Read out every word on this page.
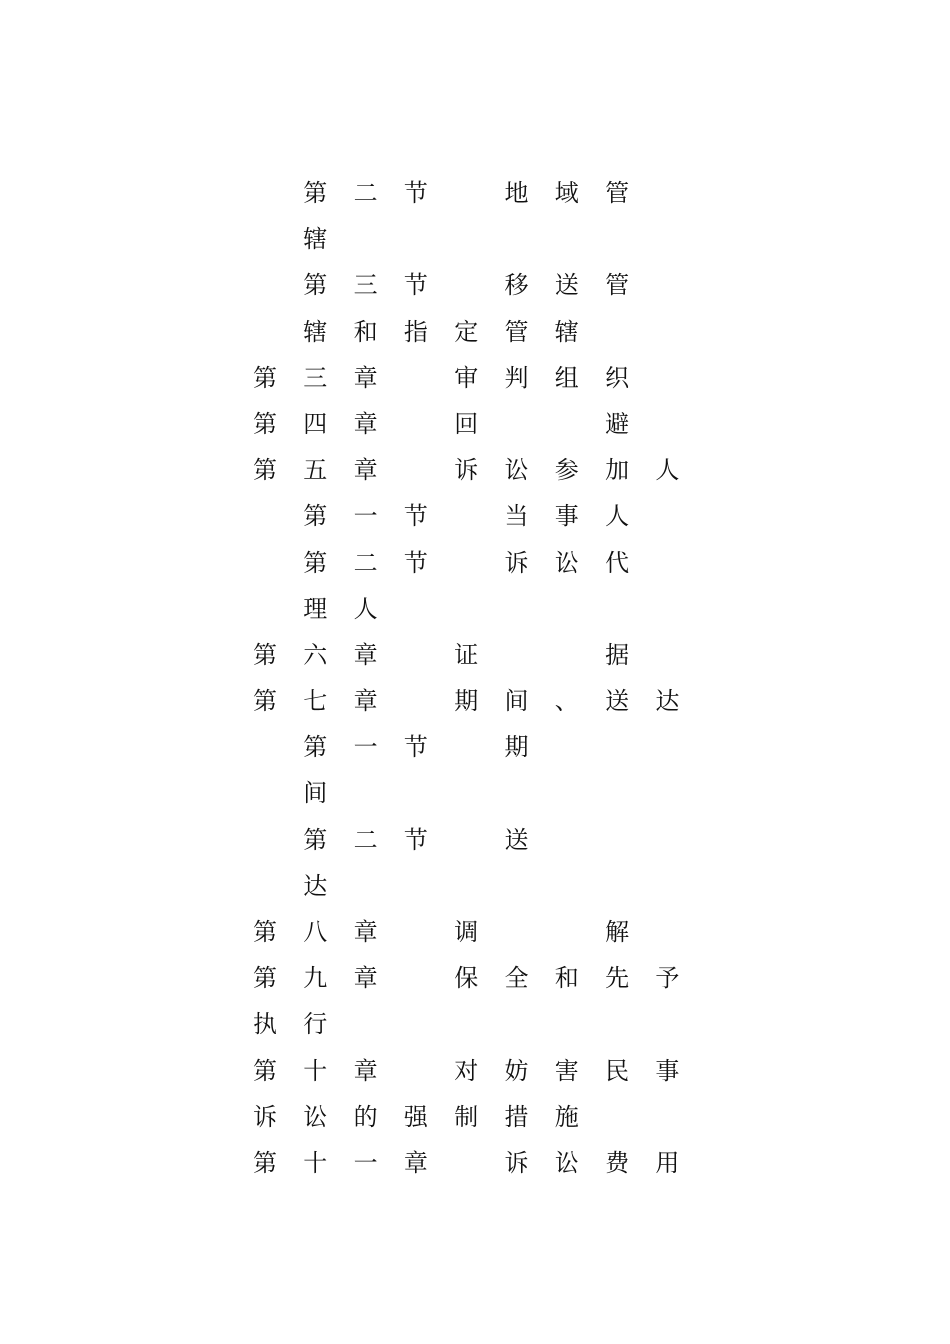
第 二 节	地 域 管
辖
第 三 节	移 送 管
辖 和 指 定 管 辖
第 三 章	审 判 组 织
第 四 章	回	避
第 五 章	诉 讼 参 加 人
第 一 节	当 事 人
第 二 节	诉 讼 代
理 人
第 六 章	证	据
第 七 章	期 间 、 送 达
第 一 节	期
间
第 二 节	送
达
第 八 章	调	解
第 九 章	保 全 和 先 予
执 行
第 十 章	对 妨 害 民 事
诉 讼 的 强 制 措 施
第 十 一 章	诉 讼 费 用
